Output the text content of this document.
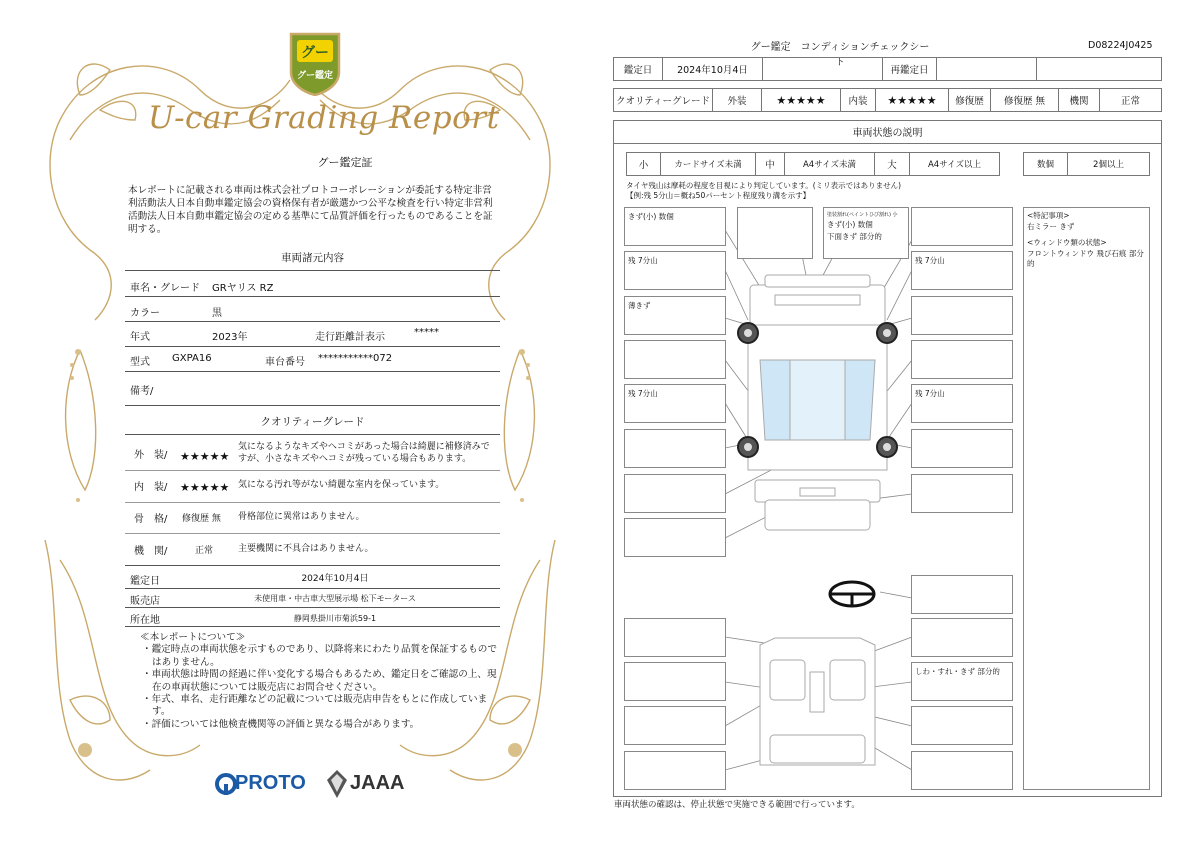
グー
グー鑑定
U-car Grading Report
グー鑑定証
本レポートに記載される車両は株式会社プロトコーポレーションが委託する特定非営利活動法人日本自動車鑑定協会の資格保有者が厳選かつ公平な検査を行い特定非営利活動法人日本自動車鑑定協会の定める基準にて品質評価を行ったものであることを証明する。
車両諸元内容
車名・グレード GRヤリス RZ
カラー	黒
年式	2023年	走行距離計表示	*****
型式 GXPA16	車台番号 ***********072
備考/
クオリティーグレード
外　装/ ★★★★★
気になるようなキズやヘコミがあった場合は綺麗に補修済みですが、小さなキズやヘコミが残っている場合もあります。
内　装/ ★★★★★ 気になる汚れ等がない綺麗な室内を保っています。
骨　格/ 修復歴 無 骨格部位に異常はありません。
機　関/	正常	主要機関に不具合はありません。
鑑定日	2024年10月4日
販売店	未使用車・中古車大型展示場 松下モータース
所在地	静岡県掛川市菊浜59-1
≪本レポートについて≫
・鑑定時点の車両状態を示すものであり、以降将来にわたり品質を保証するものではありません。
・車両状態は時間の経過に伴い変化する場合もあるため、鑑定日をご確認の上、現在の車両状態については販売店にお問合せください。
・年式、車名、走行距離などの記載については販売店申告をもとに作成しています。
・評価については他検査機関等の評価と異なる場合があります。
PROTO JAAA
グー鑑定　コンディションチェックシート
D08224J0425
鑑定日	2024年10月4日	再鑑定日
クオリティーグレード	外装	★★★★★	内装	★★★★★	修復歴	修復歴 無	機関	正常
車両状態の説明
小	カードサイズ未満	中	A4サイズ未満	大	A4サイズ以上	数個	2個以上
タイヤ残山は摩耗の程度を目視により判定しています。(ミリ表示ではありません)
【例:残 5分山＝概ね50パーセント程度残り溝を示す】
きず(小) 数個
残 7分山
薄きず
残 7分山
塗装割れ(ペイントひび割れ) 小
きず(小) 数個
下面きず 部分的
残 7分山
残 7分山
しわ・すれ・きず 部分的
<特記事項>
右ミラー きず
<ウィンドウ類の状態>
フロントウィンドウ 飛び石痕 部分的
車両状態の確認は、停止状態で実施できる範囲で行っています。
